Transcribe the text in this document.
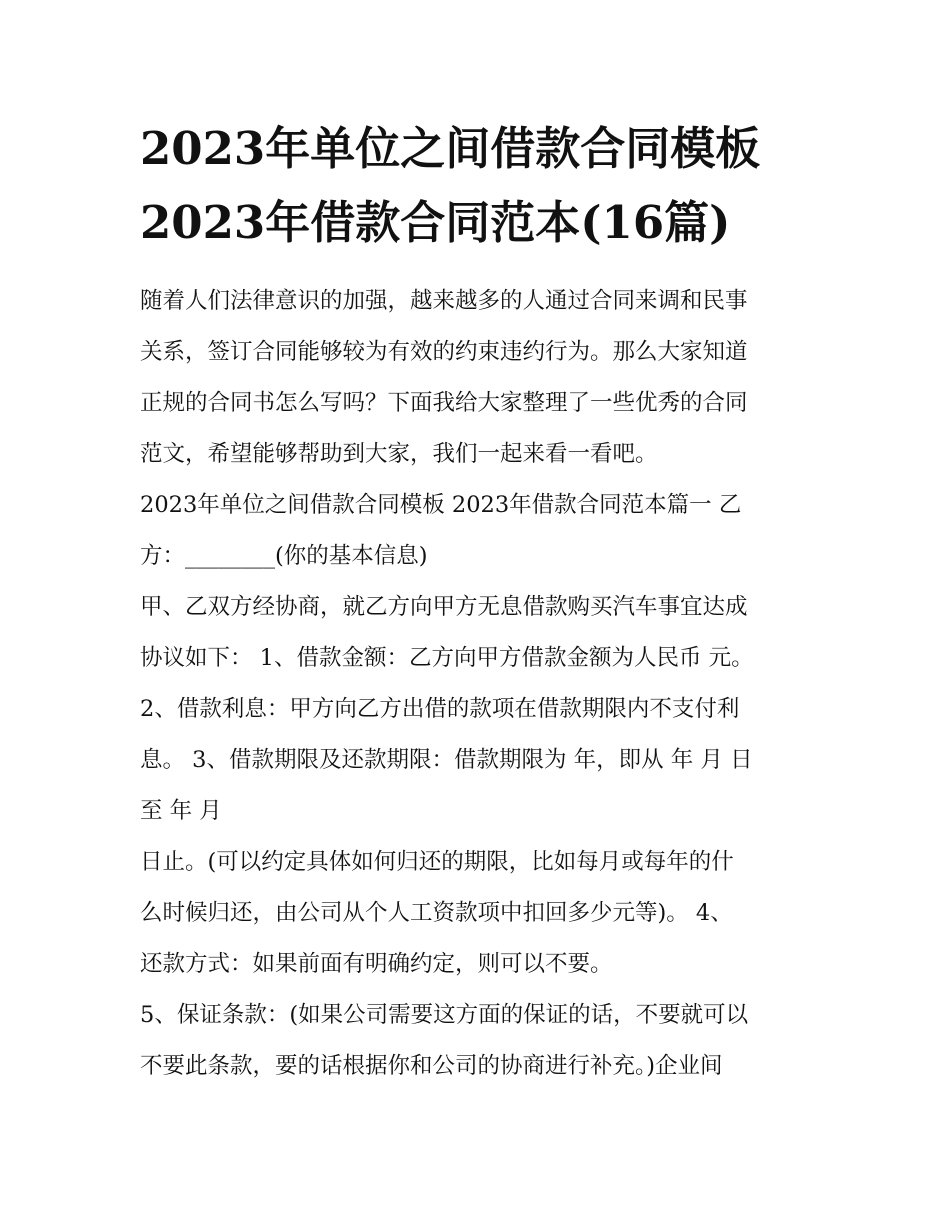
2023年单位之间借款合同模板
2023年借款合同范本(16篇)

随着人们法律意识的加强，越来越多的人通过合同来调和民事
关系，签订合同能够较为有效的约束违约行为。那么大家知道
正规的合同书怎么写吗？下面我给大家整理了一些优秀的合同
范文，希望能够帮助到大家，我们一起来看一看吧。

2023年单位之间借款合同模板 2023年借款合同范本篇一 乙
方：________(你的基本信息)

甲、乙双方经协商，就乙方向甲方无息借款购买汽车事宜达成
协议如下： 1、借款金额：乙方向甲方借款金额为人民币 元。
2、借款利息：甲方向乙方出借的款项在借款期限内不支付利
息。 3、借款期限及还款期限：借款期限为 年，即从 年 月 日
至 年 月

日止。(可以约定具体如何归还的期限，比如每月或每年的什
么时候归还，由公司从个人工资款项中扣回多少元等)。 4、
还款方式：如果前面有明确约定，则可以不要。

5、保证条款：(如果公司需要这方面的保证的话，不要就可以
不要此条款，要的话根据你和公司的协商进行补充。)企业间
